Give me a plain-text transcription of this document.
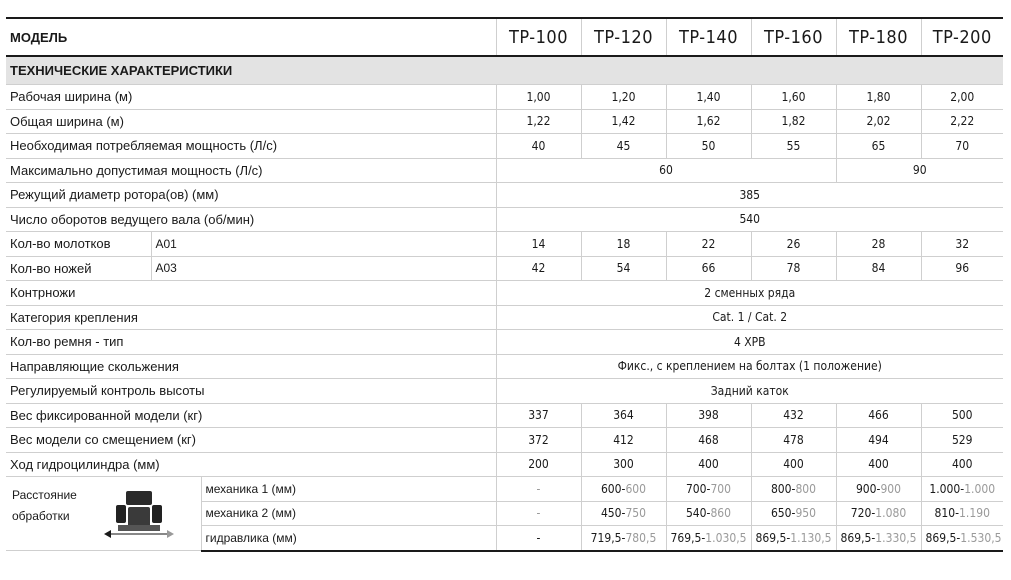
МОДЕЛЬ			TP-100	TP-120	TP-140	TP-160	TP-180	TP-200
ТЕХНИЧЕСКИЕ ХАРАКТЕРИСТИКИ								
Рабочая ширина (м)			1,00	1,20	1,40	1,60	1,80	2,00
Общая ширина (м)			1,22	1,42	1,62	1,82	2,02	2,22
Необходимая потребляемая мощность (Л/с)			40	45	50	55	65	70
Максимально допустимая мощность (Л/с)			60				90	
Режущий диаметр ротора(ов) (мм)			385					
Число оборотов ведущего вала (об/мин)			540					
Кол-во молотков	A01		14	18	22	26	28	32
Кол-во ножей	A03		42	54	66	78	84	96
Контрножи			2 сменных ряда					
Категория крепления			Cat. 1 / Cat. 2					
Кол-во ремня - тип			4 XPB					
Направляющие скольжения			Фикс., с креплением на болтах (1 положение)					
Регулируемый контроль высоты			Задний каток					
Вес фиксированной модели (кг)			337	364	398	432	466	500
Вес модели со смещением (кг)			372	412	468	478	494	529
Ход гидроцилиндра (мм)			200	300	400	400	400	400

Расстояние
обработки		механика 1 (мм)	-	600-600	700-700	800-800	900-900	1.000-1.000
		механика 2 (мм)	-	450-750	540-860	650-950	720-1.080	810-1.190
		гидравлика (мм)	-	719,5-780,5	769,5-1.030,5	869,5-1.130,5	869,5-1.330,5	869,5-1.530,5
